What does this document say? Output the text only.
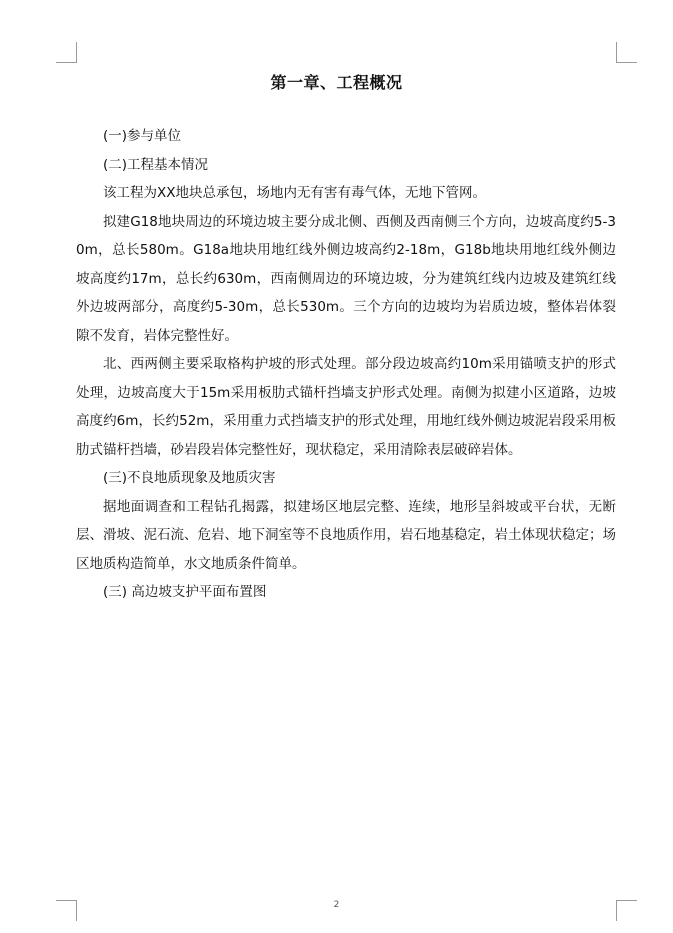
第一章、工程概况

(一)参与单位

(二)工程基本情况

该工程为XX地块总承包，场地内无有害有毒气体，无地下管网。

拟建G18地块周边的环境边坡主要分成北侧、西侧及西南侧三个方向，边坡高度约5-30m，总长580m。G18a地块用地红线外侧边坡高约2-18m，G18b地块用地红线外侧边坡高度约17m，总长约630m，西南侧周边的环境边坡，分为建筑红线内边坡及建筑红线外边坡两部分，高度约5-30m，总长530m。三个方向的边坡均为岩质边坡，整体岩体裂隙不发育，岩体完整性好。

北、西两侧主要采取格构护坡的形式处理。部分段边坡高约10m采用锚喷支护的形式处理，边坡高度大于15m采用板肋式锚杆挡墙支护形式处理。南侧为拟建小区道路，边坡高度约6m，长约52m，采用重力式挡墙支护的形式处理，用地红线外侧边坡泥岩段采用板肋式锚杆挡墙，砂岩段岩体完整性好，现状稳定，采用清除表层破碎岩体。

(三)不良地质现象及地质灾害

据地面调查和工程钻孔揭露，拟建场区地层完整、连续，地形呈斜坡或平台状，无断层、滑坡、泥石流、危岩、地下洞室等不良地质作用，岩石地基稳定，岩土体现状稳定；场区地质构造简单，水文地质条件简单。

(三) 高边坡支护平面布置图

2
